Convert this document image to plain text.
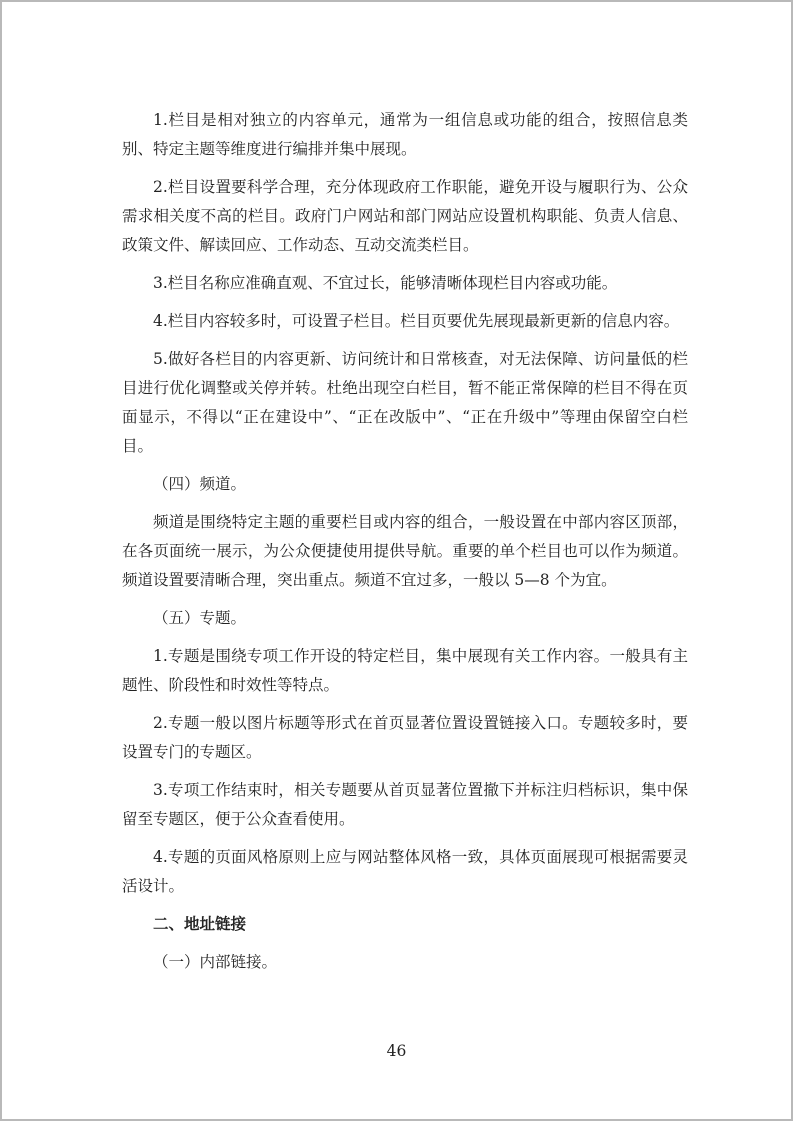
1.栏目是相对独立的内容单元，通常为一组信息或功能的组合，按照信息类别、特定主题等维度进行编排并集中展现。

2.栏目设置要科学合理，充分体现政府工作职能，避免开设与履职行为、公众需求相关度不高的栏目。政府门户网站和部门网站应设置机构职能、负责人信息、政策文件、解读回应、工作动态、互动交流类栏目。

3.栏目名称应准确直观、不宜过长，能够清晰体现栏目内容或功能。

4.栏目内容较多时，可设置子栏目。栏目页要优先展现最新更新的信息内容。

5.做好各栏目的内容更新、访问统计和日常核查，对无法保障、访问量低的栏目进行优化调整或关停并转。杜绝出现空白栏目，暂不能正常保障的栏目不得在页面显示，不得以“正在建设中”、“正在改版中”、“正在升级中”等理由保留空白栏目。

（四）频道。

频道是围绕特定主题的重要栏目或内容的组合，一般设置在中部内容区顶部，在各页面统一展示，为公众便捷使用提供导航。重要的单个栏目也可以作为频道。频道设置要清晰合理，突出重点。频道不宜过多，一般以 5—8 个为宜。

（五）专题。

1.专题是围绕专项工作开设的特定栏目，集中展现有关工作内容。一般具有主题性、阶段性和时效性等特点。

2.专题一般以图片标题等形式在首页显著位置设置链接入口。专题较多时，要设置专门的专题区。

3.专项工作结束时，相关专题要从首页显著位置撤下并标注归档标识，集中保留至专题区，便于公众查看使用。

4.专题的页面风格原则上应与网站整体风格一致，具体页面展现可根据需要灵活设计。

二、地址链接

（一）内部链接。

46
